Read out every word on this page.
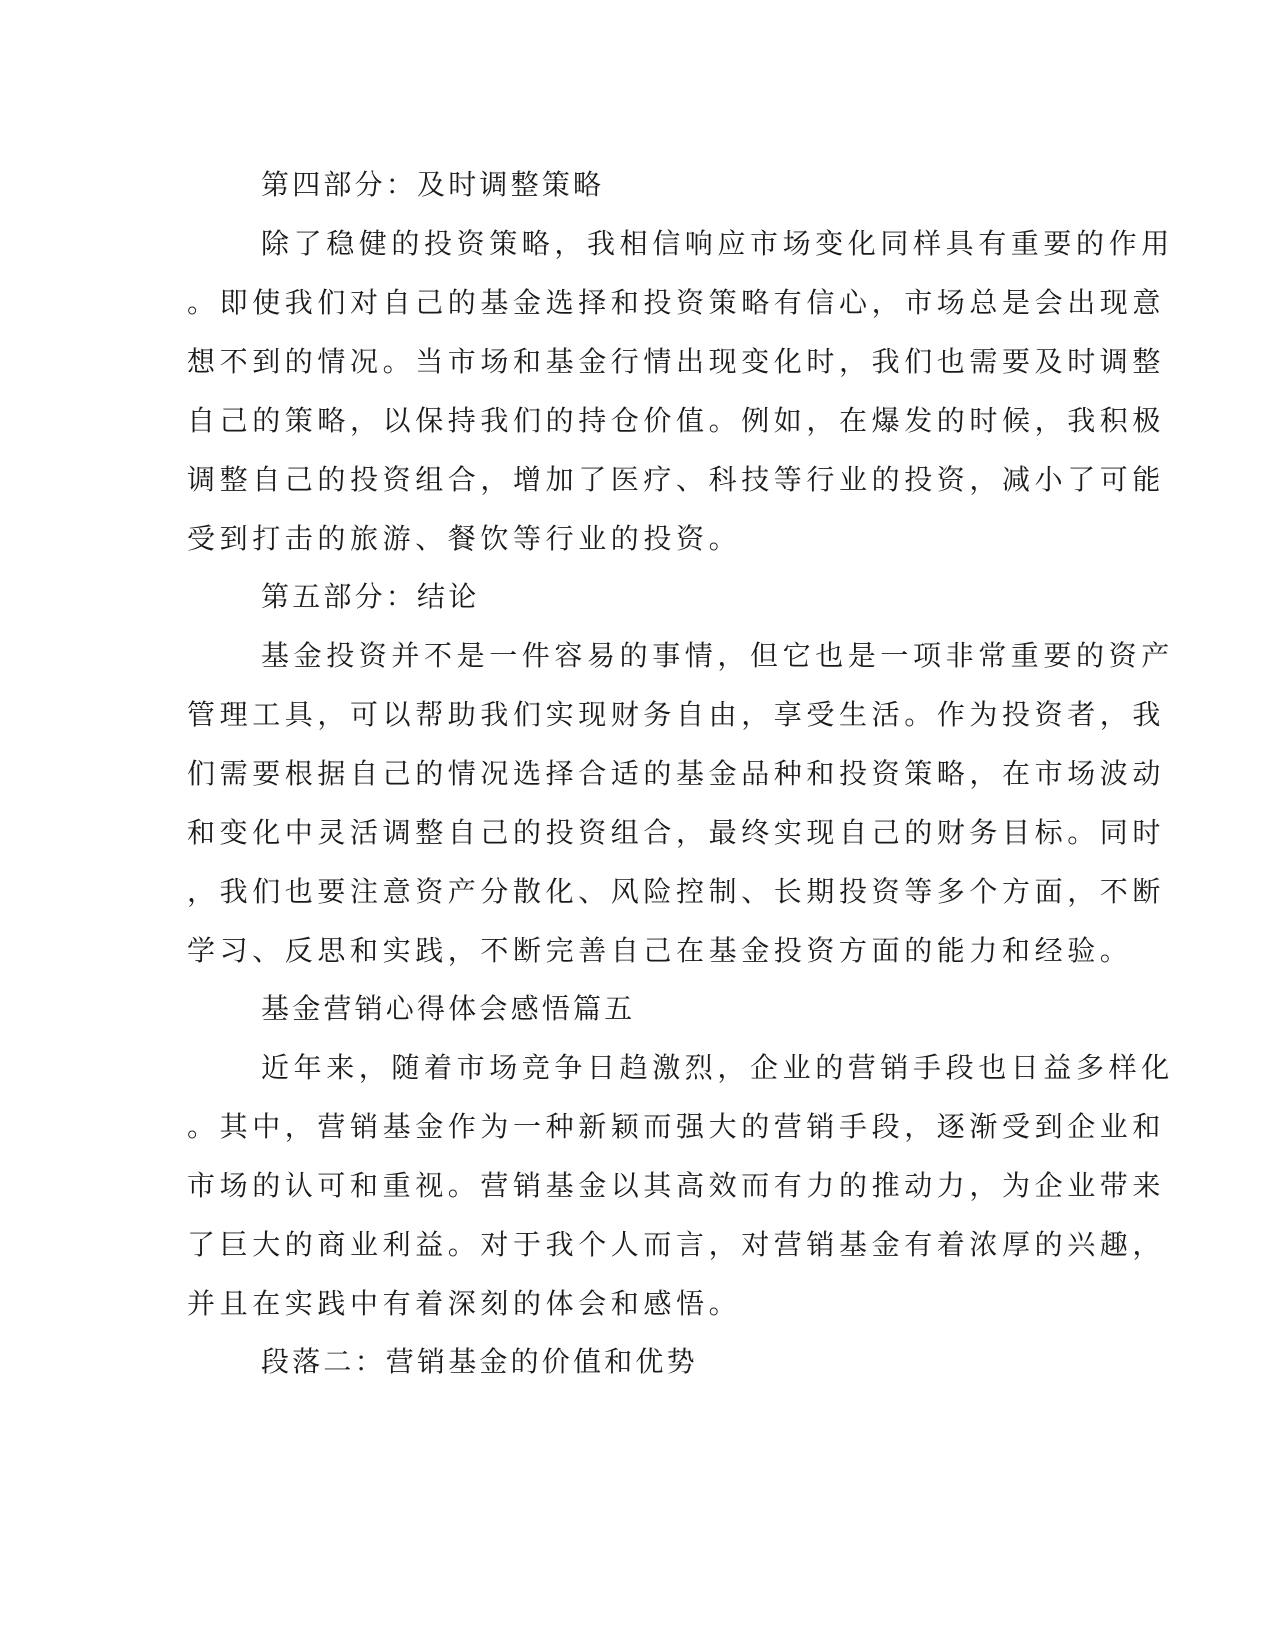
第四部分：及时调整策略
除了稳健的投资策略，我相信响应市场变化同样具有重要的作用
。即使我们对自己的基金选择和投资策略有信心，市场总是会出现意
想不到的情况。当市场和基金行情出现变化时，我们也需要及时调整
自己的策略，以保持我们的持仓价值。例如，在爆发的时候，我积极
调整自己的投资组合，增加了医疗、科技等行业的投资，减小了可能
受到打击的旅游、餐饮等行业的投资。
第五部分：结论
基金投资并不是一件容易的事情，但它也是一项非常重要的资产
管理工具，可以帮助我们实现财务自由，享受生活。作为投资者，我
们需要根据自己的情况选择合适的基金品种和投资策略，在市场波动
和变化中灵活调整自己的投资组合，最终实现自己的财务目标。同时
，我们也要注意资产分散化、风险控制、长期投资等多个方面，不断
学习、反思和实践，不断完善自己在基金投资方面的能力和经验。
基金营销心得体会感悟篇五
近年来，随着市场竞争日趋激烈，企业的营销手段也日益多样化
。其中，营销基金作为一种新颖而强大的营销手段，逐渐受到企业和
市场的认可和重视。营销基金以其高效而有力的推动力，为企业带来
了巨大的商业利益。对于我个人而言，对营销基金有着浓厚的兴趣，
并且在实践中有着深刻的体会和感悟。
段落二：营销基金的价值和优势
